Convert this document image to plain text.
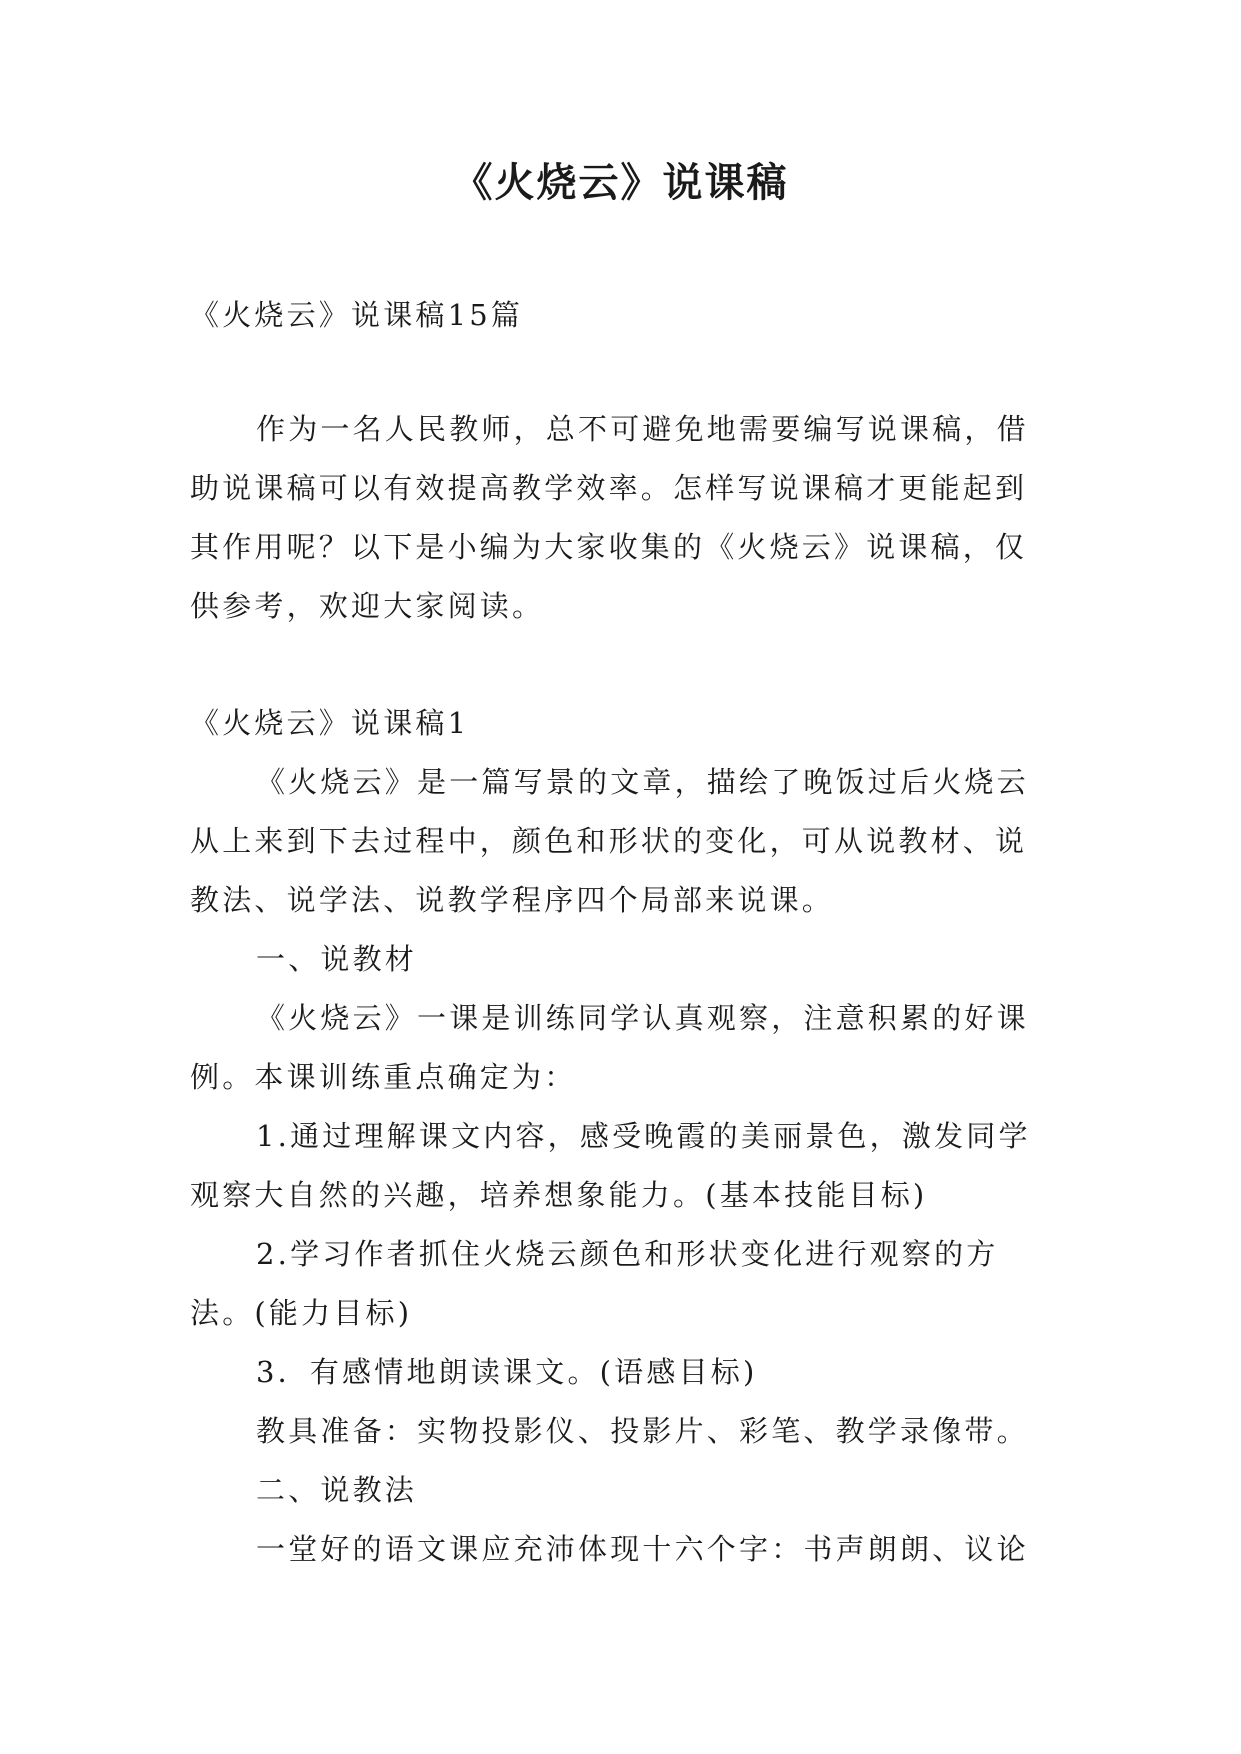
《火烧云》说课稿

《火烧云》说课稿15篇

作为一名人民教师，总不可避免地需要编写说课稿，借助说课稿可以有效提高教学效率。怎样写说课稿才更能起到其作用呢？以下是小编为大家收集的《火烧云》说课稿，仅供参考，欢迎大家阅读。

《火烧云》说课稿1

《火烧云》是一篇写景的文章，描绘了晚饭过后火烧云从上来到下去过程中，颜色和形状的变化，可从说教材、说教法、说学法、说教学程序四个局部来说课。

一、说教材

《火烧云》一课是训练同学认真观察，注意积累的好课例。本课训练重点确定为：

1.通过理解课文内容，感受晚霞的美丽景色，激发同学观察大自然的兴趣，培养想象能力。(基本技能目标)

2.学习作者抓住火烧云颜色和形状变化进行观察的方法。(能力目标)

3．有感情地朗读课文。(语感目标)

教具准备：实物投影仪、投影片、彩笔、教学录像带。

二、说教法

一堂好的语文课应充沛体现十六个字：书声朗朗、议论
